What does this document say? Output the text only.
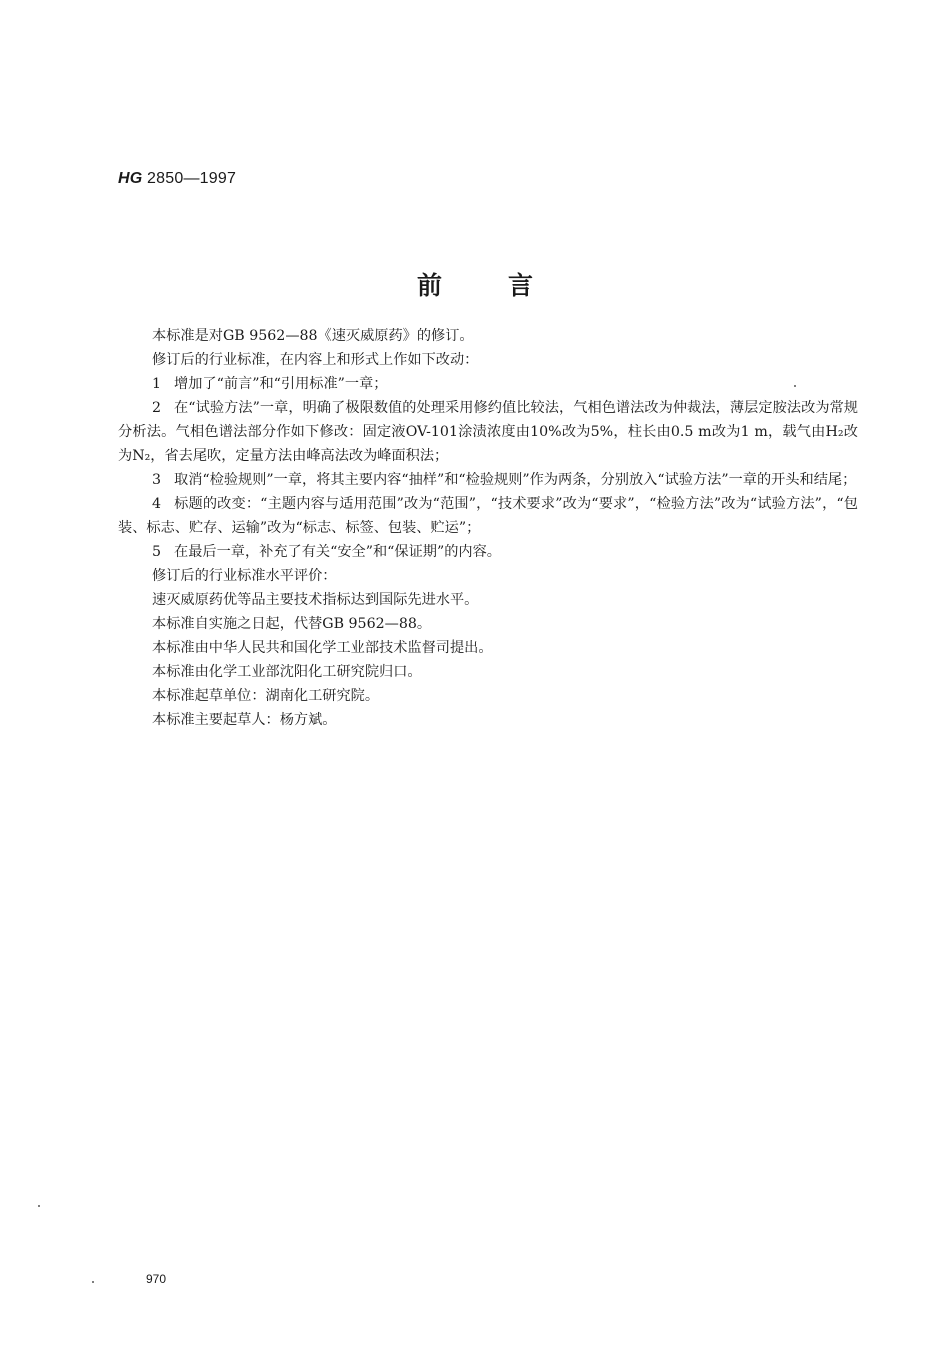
HG 2850—1997
前言

本标准是对GB 9562—88《速灭威原药》的修订。

修订后的行业标准，在内容上和形式上作如下改动：

1 增加了“前言”和“引用标准”一章；

2 在“试验方法”一章，明确了极限数值的处理采用修约值比较法，气相色谱法改为仲裁法，薄层定胺法改为常规分析法。气相色谱法部分作如下修改：固定液OV-101涂渍浓度由10%改为5%，柱长由0.5 m改为1 m，载气由H₂改为N₂，省去尾吹，定量方法由峰高法改为峰面积法；

3 取消“检验规则”一章，将其主要内容“抽样”和“检验规则”作为两条，分别放入“试验方法”一章的开头和结尾；

4 标题的改变：“主题内容与适用范围”改为“范围”，“技术要求”改为“要求”，“检验方法”改为“试验方法”，“包装、标志、贮存、运输”改为“标志、标签、包装、贮运”；

5 在最后一章，补充了有关“安全”和“保证期”的内容。

修订后的行业标准水平评价：

速灭威原药优等品主要技术指标达到国际先进水平。

本标准自实施之日起，代替GB 9562—88。

本标准由中华人民共和国化学工业部技术监督司提出。

本标准由化学工业部沈阳化工研究院归口。

本标准起草单位：湖南化工研究院。

本标准主要起草人：杨方斌。

970
